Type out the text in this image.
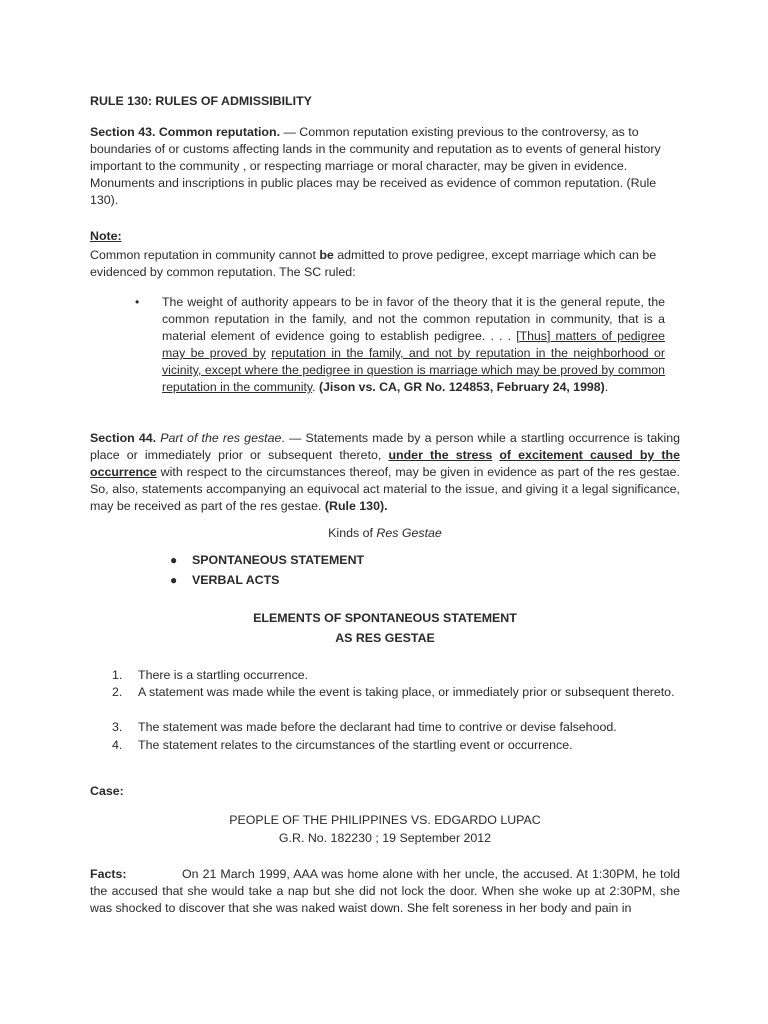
RULE 130: RULES OF ADMISSIBILITY

Section 43. Common reputation. — Common reputation existing previous to the controversy, as to boundaries of or customs affecting lands in the community and reputation as to events of general history important to the community , or respecting marriage or moral character, may be given in evidence. Monuments and inscriptions in public places may be received as evidence of common reputation. (Rule 130).

Note:

Common reputation in community cannot be admitted to prove pedigree, except marriage which can be evidenced by common reputation. The SC ruled:

• The weight of authority appears to be in favor of the theory that it is the general repute, the common reputation in the family, and not the common reputation in community, that is a material element of evidence going to establish pedigree. . . . [Thus] matters of pedigree may be proved by reputation in the family, and not by reputation in the neighborhood or vicinity, except where the pedigree in question is marriage which may be proved by common reputation in the community. (Jison vs. CA, GR No. 124853, February 24, 1998).

Section 44. Part of the res gestae. — Statements made by a person while a startling occurrence is taking place or immediately prior or subsequent thereto, under the stress of excitement caused by the occurrence with respect to the circumstances thereof, may be given in evidence as part of the res gestae. So, also, statements accompanying an equivocal act material to the issue, and giving it a legal significance, may be received as part of the res gestae. (Rule 130).

Kinds of Res Gestae

● SPONTANEOUS STATEMENT
● VERBAL ACTS

ELEMENTS OF SPONTANEOUS STATEMENT

AS RES GESTAE

1. There is a startling occurrence.
2. A statement was made while the event is taking place, or immediately prior or subsequent thereto.
3. The statement was made before the declarant had time to contrive or devise falsehood.
4. The statement relates to the circumstances of the startling event or occurrence.

Case:

PEOPLE OF THE PHILIPPINES VS. EDGARDO LUPAC

G.R. No. 182230 ; 19 September 2012

Facts:	On 21 March 1999, AAA was home alone with her uncle, the accused. At 1:30PM, he told the accused that she would take a nap but she did not lock the door. When she woke up at 2:30PM, she was shocked to discover that she was naked waist down. She felt soreness in her body and pain in
